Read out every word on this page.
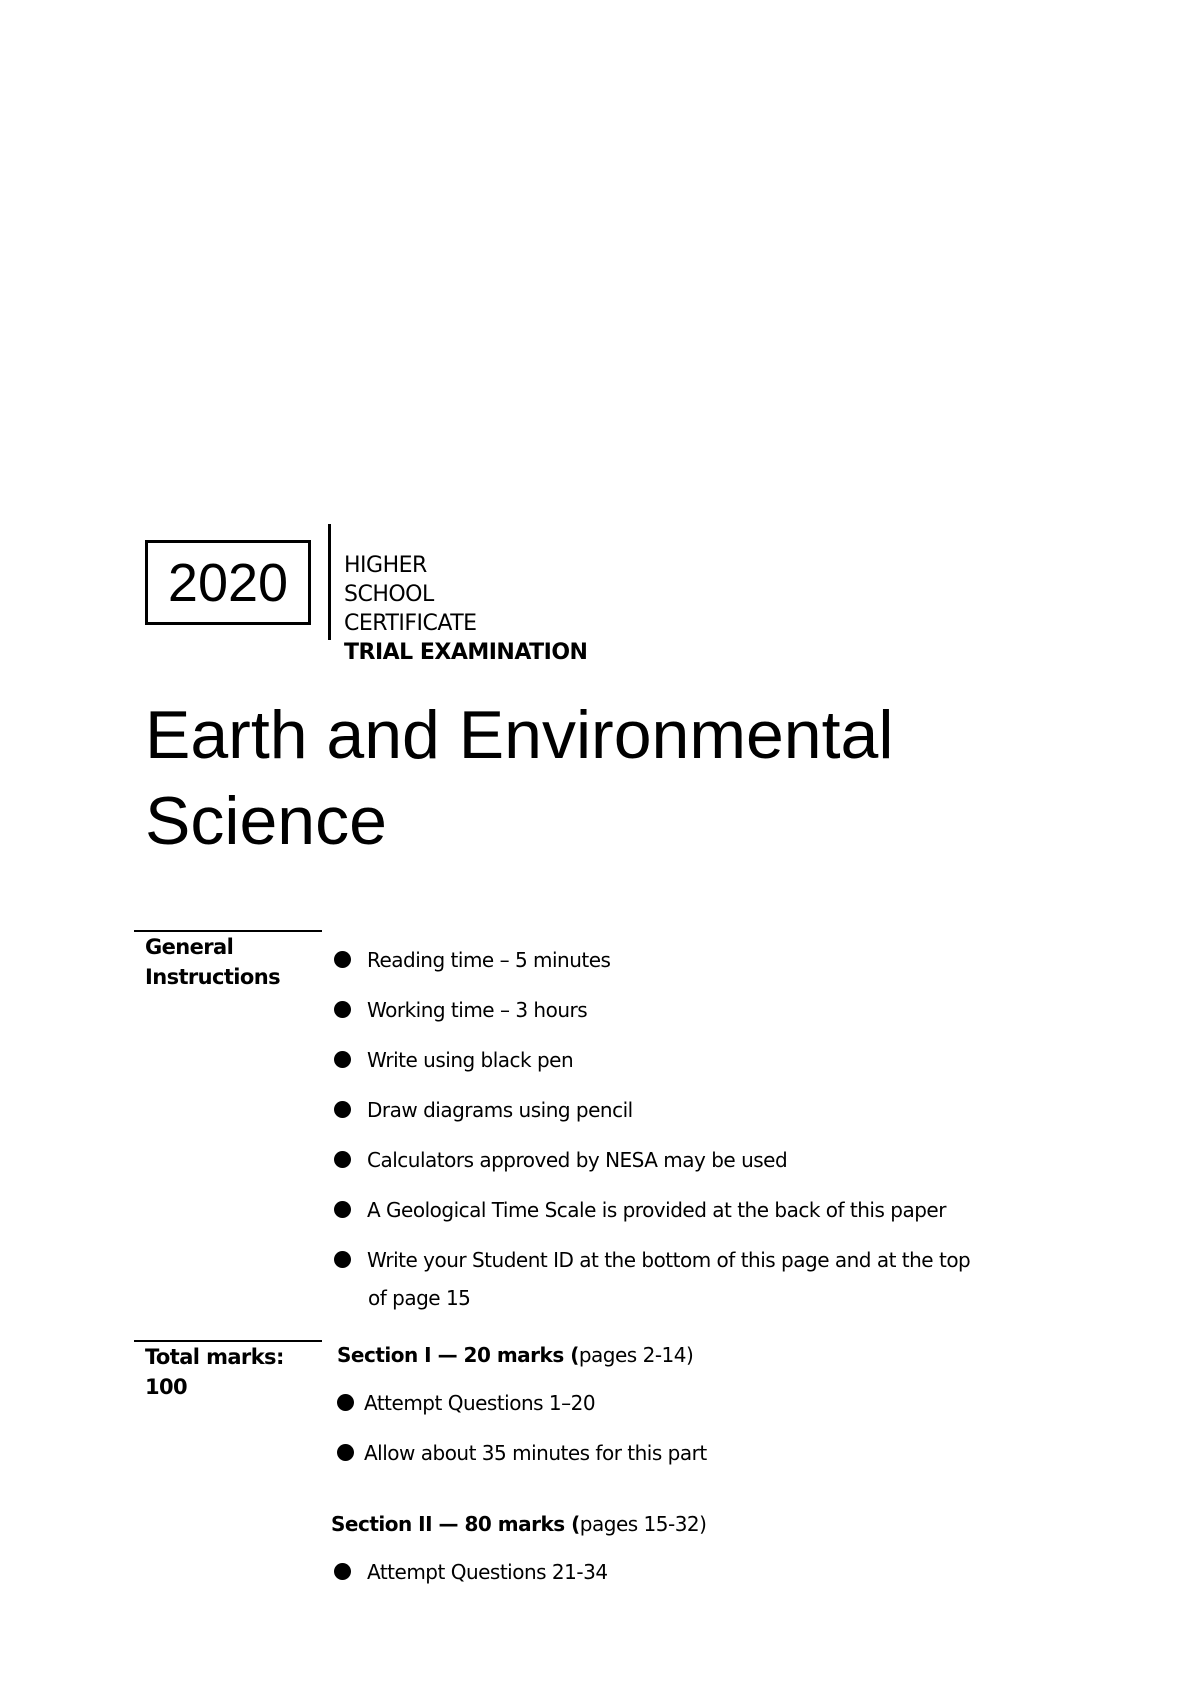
2020	HIGHER
SCHOOL
CERTIFICATE
TRIAL EXAMINATION
Earth and Environmental
Science
General
Instructions
Reading time – 5 minutes
Working time – 3 hours
Write using black pen
Draw diagrams using pencil
Calculators approved by NESA may be used
A Geological Time Scale is provided at the back of this paper
Write your Student ID at the bottom of this page and at the top
of page 15
Total marks:
100
Section I — 20 marks (pages 2-14)
Attempt Questions 1–20
Allow about 35 minutes for this part
Section II — 80 marks (pages 15-32)
Attempt Questions 21-34
